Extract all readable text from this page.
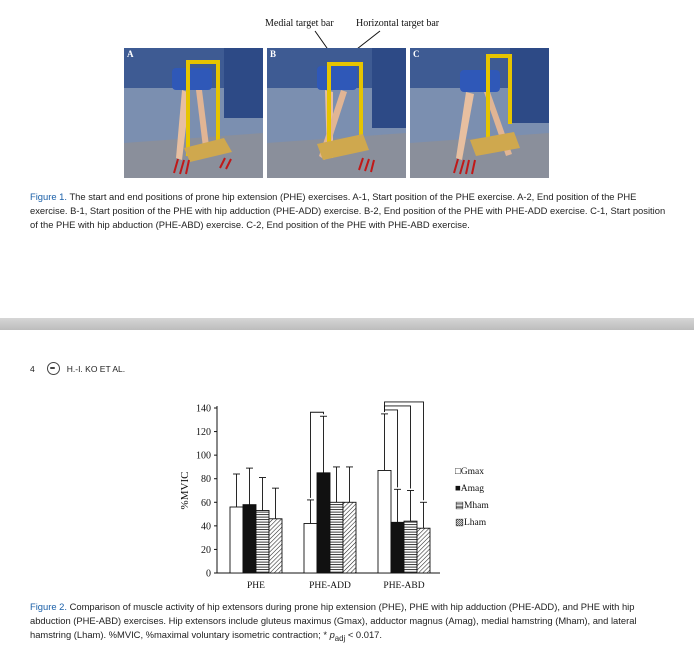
Medial target bar Horizontal target bar
A	B	C
Figure 1. The start and end positions of prone hip extension (PHE) exercises. A-1, Start position of the PHE exercise. A-2, End position of the PHE exercise. B-1, Start position of the PHE with hip adduction (PHE-ADD) exercise. B-2, End position of the PHE with PHE-ADD exercise. C-1, Start position of the PHE with hip abduction (PHE-ABD) exercise. C-2, End position of the PHE with PHE-ABD exercise.
4	H.-I. KO ET AL.
0
20
40
60
80
100
120
140
%MVIC
PHE	PHE-ADD	PHE-ABD
□Gmax
■Amag
▤Mham
▧Lham
Figure 2. Comparison of muscle activity of hip extensors during prone hip extension (PHE), PHE with hip adduction (PHE-ADD), and PHE with hip abduction (PHE-ABD) exercises. Hip extensors include gluteus maximus (Gmax), adductor magnus (Amag), medial hamstring (Mham), and lateral hamstring (Lham). %MVIC, %maximal voluntary isometric contraction; * $p_{adj} < 0.017$.
